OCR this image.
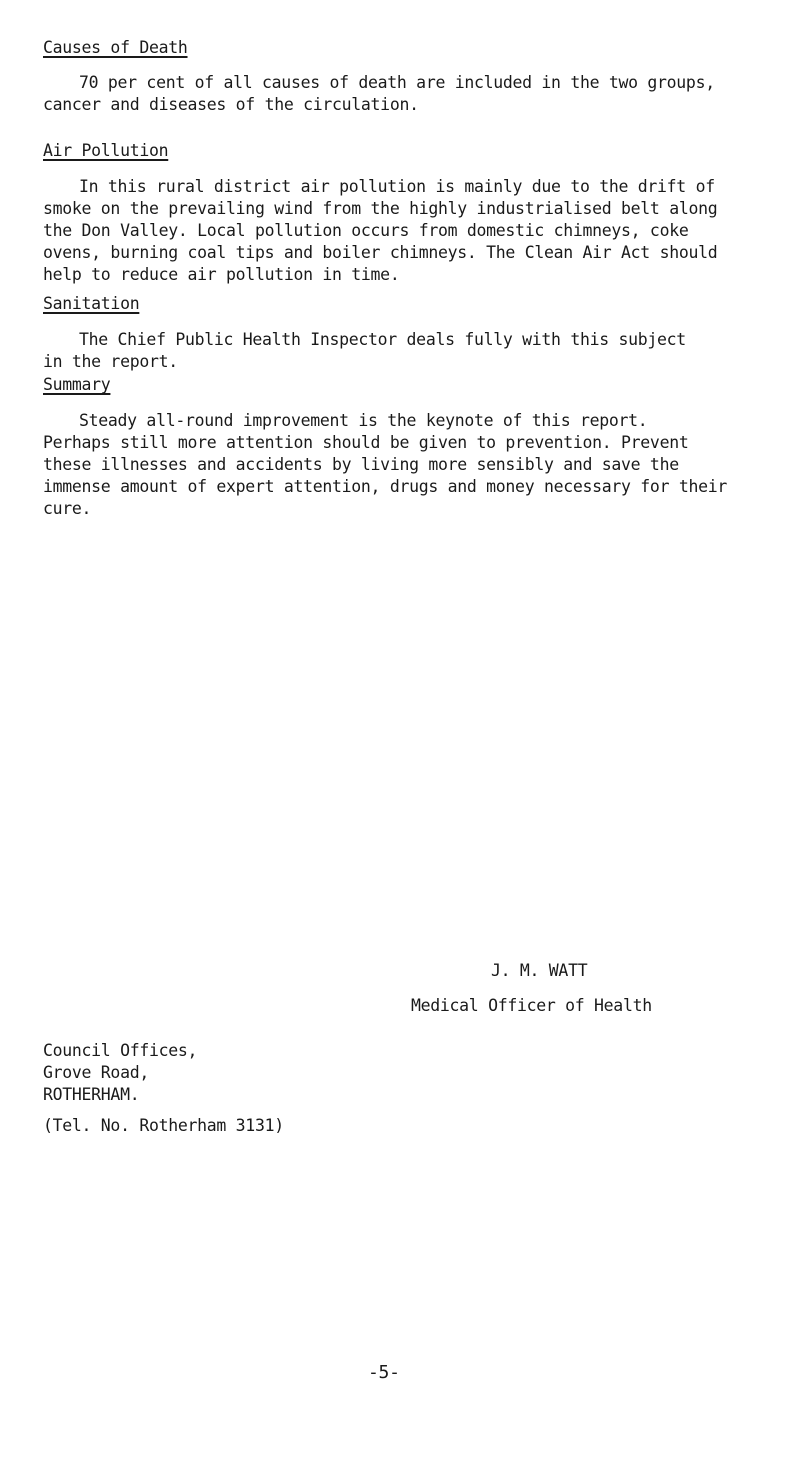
Causes of Death

70 per cent of all causes of death are included in the two groups,
cancer and diseases of the circulation.

Air Pollution

In this rural district air pollution is mainly due to the drift of
smoke on the prevailing wind from the highly industrialised belt along
the Don Valley. Local pollution occurs from domestic chimneys, coke
ovens, burning coal tips and boiler chimneys. The Clean Air Act should
help to reduce air pollution in time.

Sanitation

The Chief Public Health Inspector deals fully with this subject
in the report.

Summary

Steady all-round improvement is the keynote of this report.
Perhaps still more attention should be given to prevention. Prevent
these illnesses and accidents by living more sensibly and save the
immense amount of expert attention, drugs and money necessary for their
cure.

J. M. WATT
Medical Officer of Health
Council Offices,
Grove Road,
ROTHERHAM.
(Tel. No. Rotherham 3131)
-5-
